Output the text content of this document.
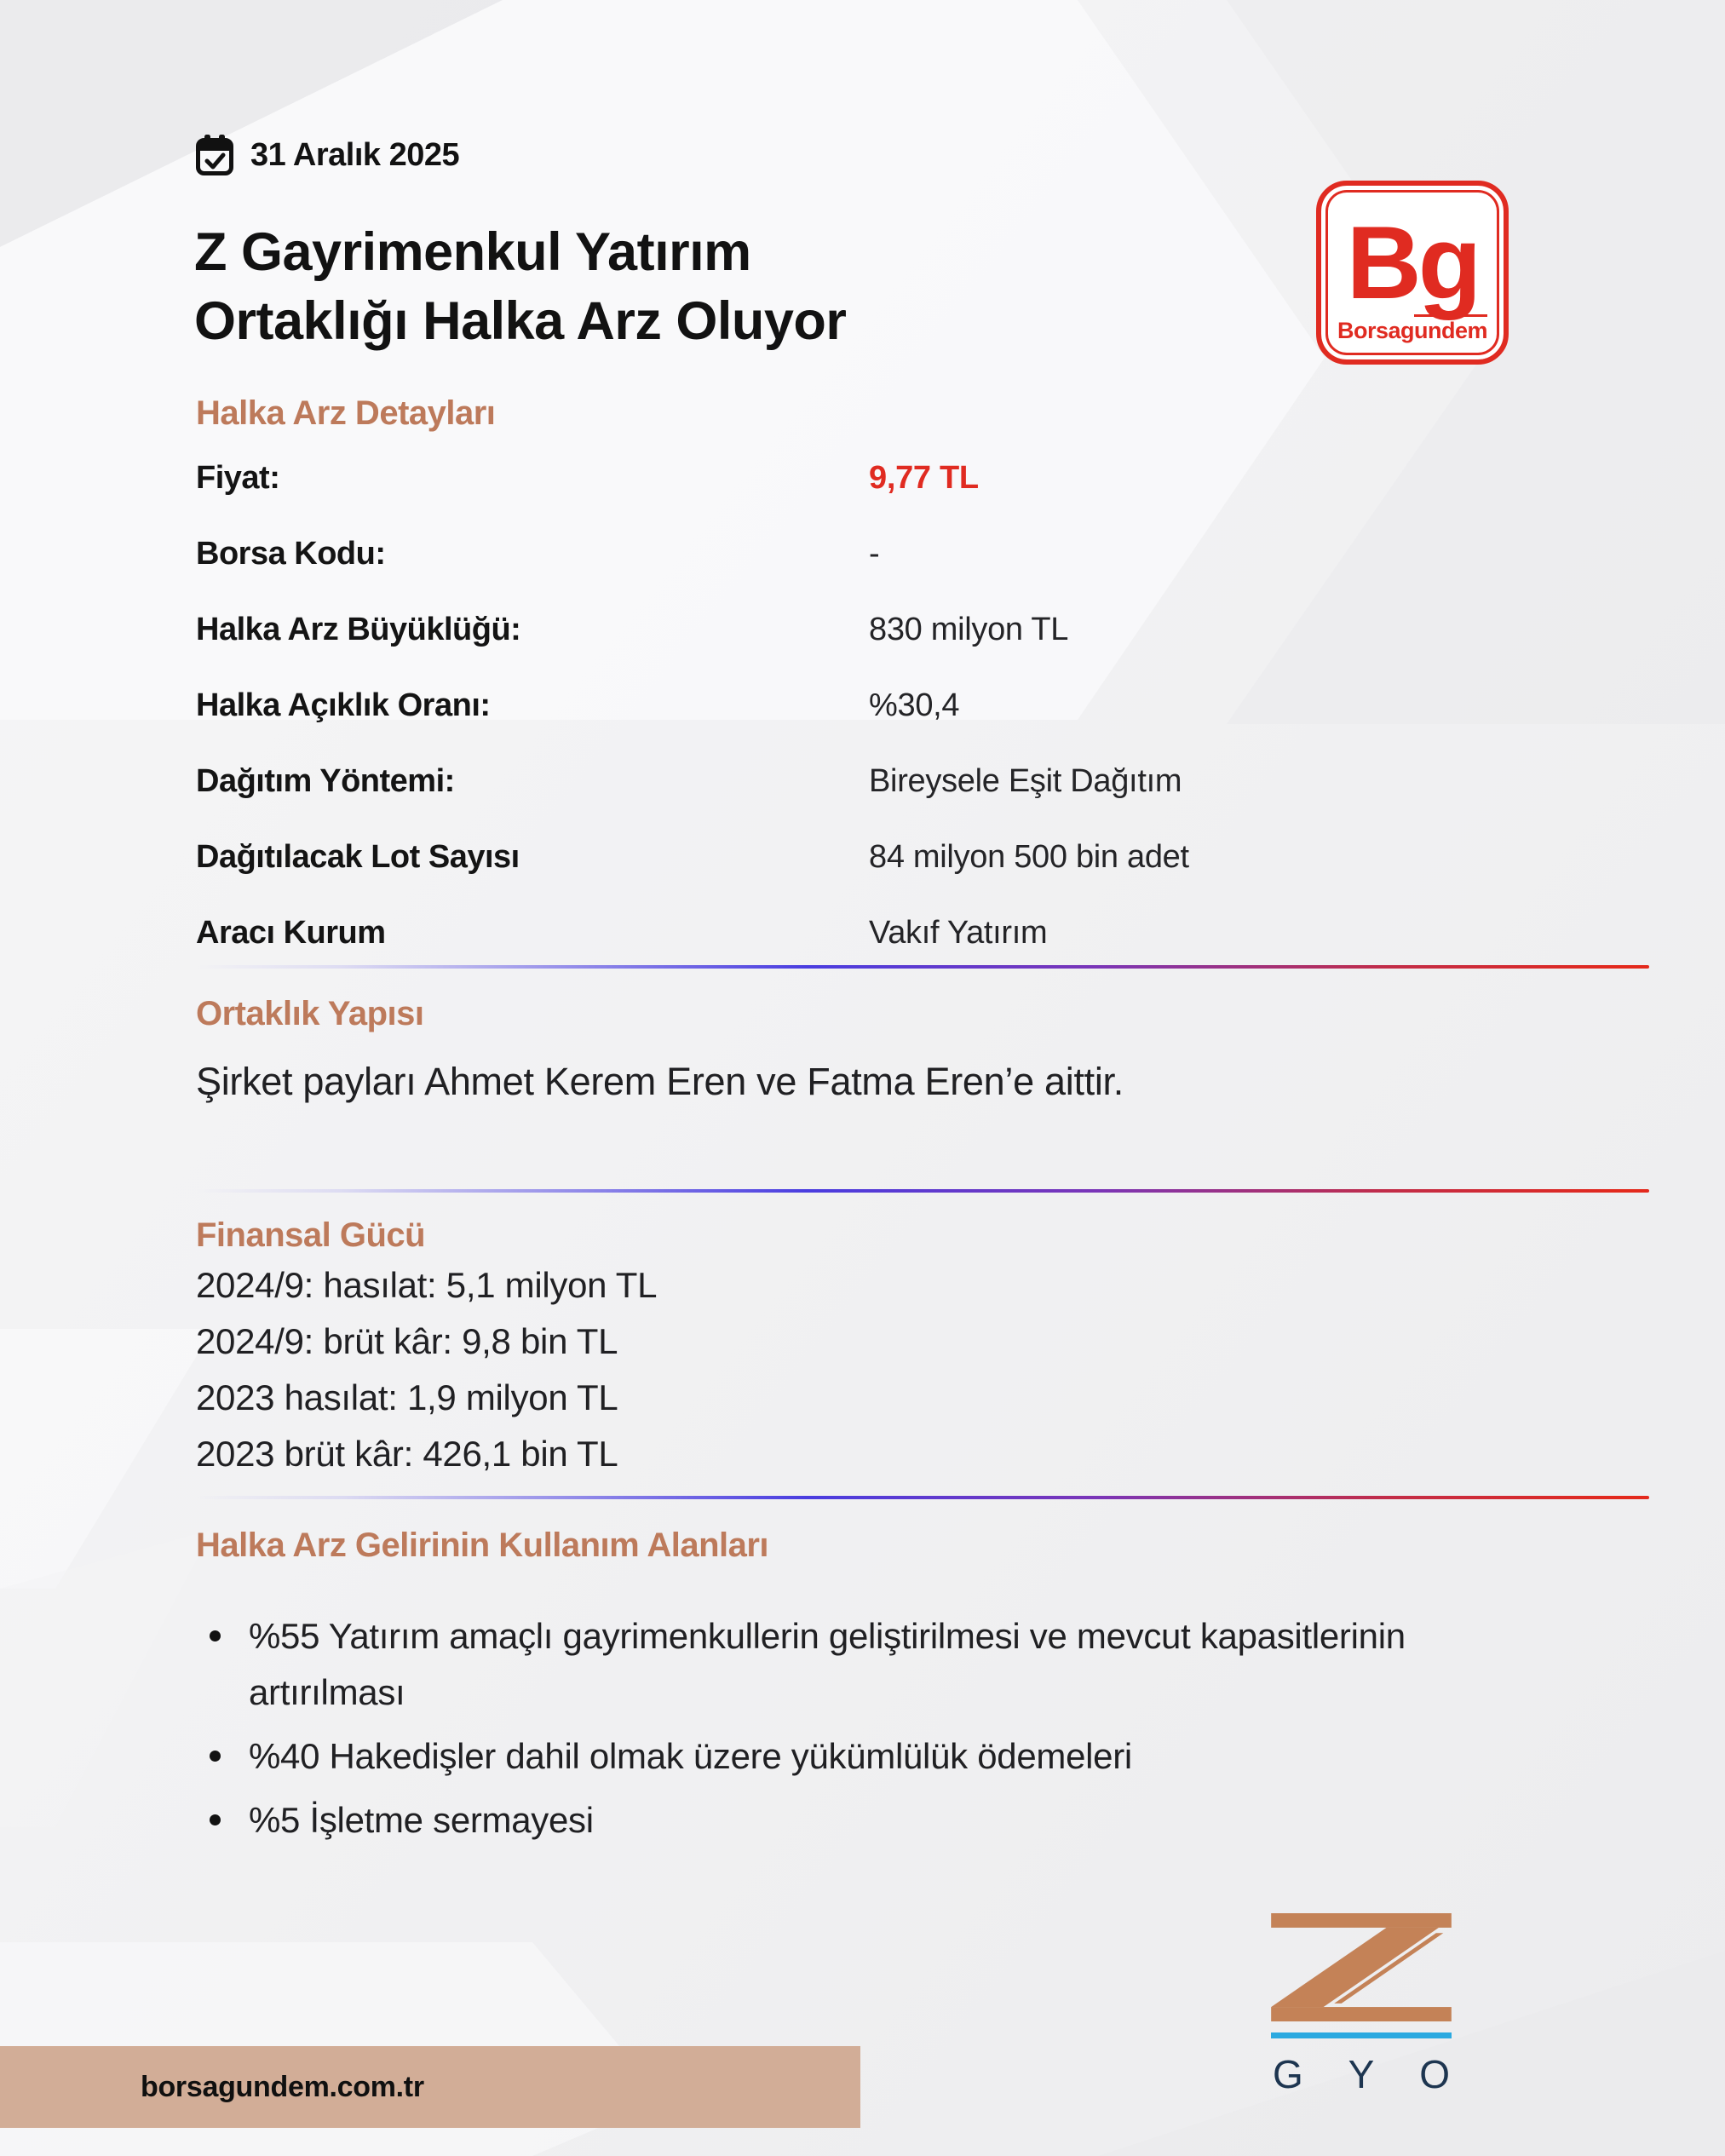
31 Aralık 2025
Z Gayrimenkul Yatırım
Ortaklığı Halka Arz Oluyor
Bg
Borsag undem
Halka Arz Detayları
Fiyat:	9,77 TL
Borsa Kodu:	-
Halka Arz Büyüklüğü:	830 milyon TL
Halka Açıklık Oranı:	%30,4
Dağıtım Yöntemi:	Bireysele Eşit Dağıtım
Dağıtılacak Lot Sayısı	84 milyon 500 bin adet
Aracı Kurum	Vakıf Yatırım
Ortaklık Yapısı
Şirket payları Ahmet Kerem Eren ve Fatma Eren’e aittir.
Finansal Gücü
2024/9: hasılat: 5,1 milyon TL
2024/9: brüt kâr: 9,8 bin TL
2023 hasılat: 1,9 milyon TL
2023 brüt kâr: 426,1 bin TL
Halka Arz Gelirinin Kullanım Alanları
%55 Yatırım amaçlı gayrimenkullerin geliştirilmesi ve mevcut kapasitlerinin artırılması
%40 Hakedişler dahil olmak üzere yükümlülük ödemeleri
%5 İşletme sermayesi
G Y O
borsagundem.com.tr
